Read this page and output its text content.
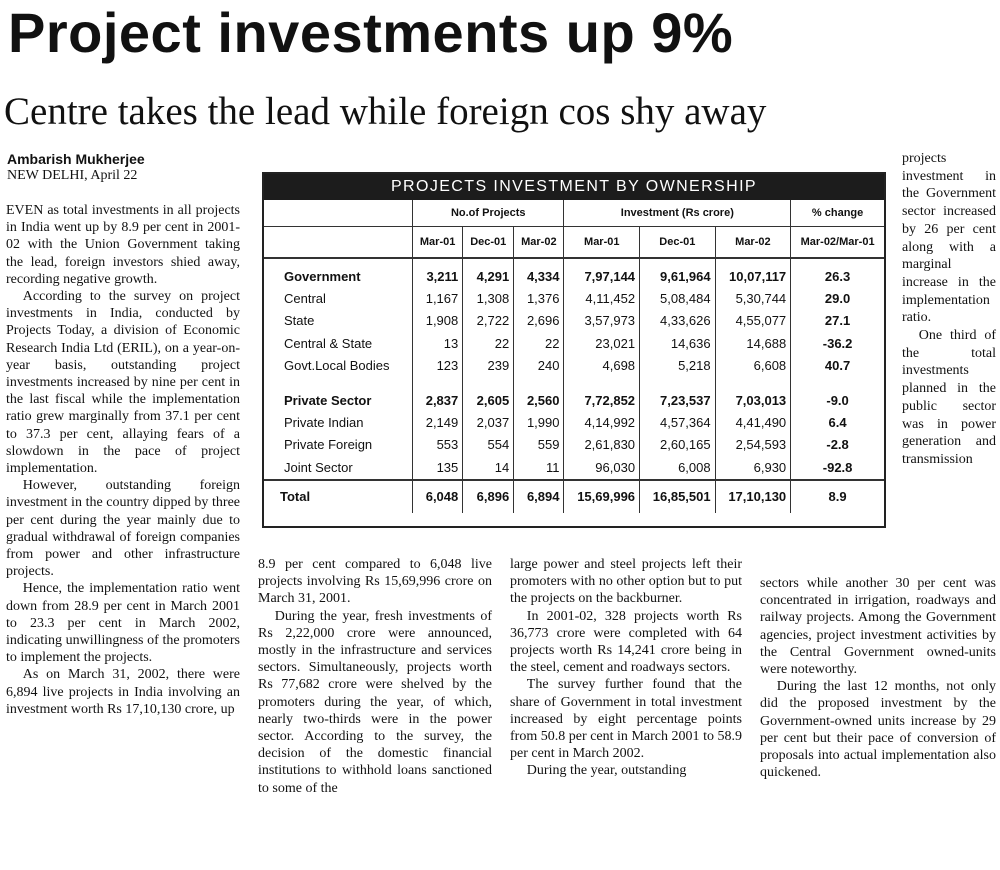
Project investments up 9%
Centre takes the lead while foreign cos shy away
Ambarish Mukherjee
NEW DELHI, April 22

EVEN as total investments in all projects in India went up by 8.9 per cent in 2001-02 with the Union Government taking the lead, foreign investors shied away, recording negative growth.

According to the survey on project investments in India, conducted by Projects Today, a division of Economic Research India Ltd (ERIL), on a year-on-year basis, outstanding project investments increased by nine per cent in the last fiscal while the implementation ratio grew marginally from 37.1 per cent to 37.3 per cent, allaying fears of a slowdown in the pace of project implementation.

However, outstanding foreign investment in the country dipped by three per cent during the year mainly due to gradual withdrawal of foreign companies from power and other infrastructure projects.

Hence, the implementation ratio went down from 28.9 per cent in March 2001 to 23.3 per cent in March 2002, indicating unwillingness of the promoters to implement the projects.

As on March 31, 2002, there were 6,894 live projects in India involving an investment worth Rs 17,10,130 crore, up

PROJECTS INVESTMENT BY OWNERSHIP
	No.of Projects			Investment (Rs crore)			% change
	Mar-01	Dec-01	Mar-02	Mar-01	Dec-01	Mar-02	Mar-02/Mar-01
Government	3,211	4,291	4,334	7,97,144	9,61,964	10,07,117	26.3
Central	1,167	1,308	1,376	4,11,452	5,08,484	5,30,744	29.0
State	1,908	2,722	2,696	3,57,973	4,33,626	4,55,077	27.1
Central & State	13	22	22	23,021	14,636	14,688	-36.2
Govt.Local Bodies	123	239	240	4,698	5,218	6,608	40.7

Private Sector	2,837	2,605	2,560	7,72,852	7,23,537	7,03,013	-9.0
Private Indian	2,149	2,037	1,990	4,14,992	4,57,364	4,41,490	6.4
Private Foreign	553	554	559	2,61,830	2,60,165	2,54,593	-2.8
Joint Sector	135	14	11	96,030	6,008	6,930	-92.8
Total	6,048	6,896	6,894	15,69,996	16,85,501	17,10,130	8.9

8.9 per cent compared to 6,048 live projects involving Rs 15,69,996 crore on March 31, 2001.

During the year, fresh investments of Rs 2,22,000 crore were announced, mostly in the infrastructure and services sectors. Simultaneously, projects worth Rs 77,682 crore were shelved by the promoters during the year, of which, nearly two-thirds were in the power sector. According to the survey, the decision of the domestic financial institutions to withhold loans sanctioned to some of the

large power and steel projects left their promoters with no other option but to put the projects on the backburner.

In 2001-02, 328 projects worth Rs 36,773 crore were completed with 64 projects worth Rs 14,241 crore being in the steel, cement and roadways sectors.

The survey further found that the share of Government in total investment increased by eight percentage points from 50.8 per cent in March 2001 to 58.9 per cent in March 2002.

During the year, outstanding

projects investment in the Government sector increased by 26 per cent along with a marginal increase in the implementation ratio.

One third of the total investments planned in the public sector was in power generation and transmission

sectors while another 30 per cent was concentrated in irrigation, roadways and railway projects. Among the Government agencies, project investment activities by the Central Government owned-units were noteworthy.

During the last 12 months, not only did the proposed investment by the Government-owned units increase by 29 per cent but their pace of conversion of proposals into actual implementation also quickened.
